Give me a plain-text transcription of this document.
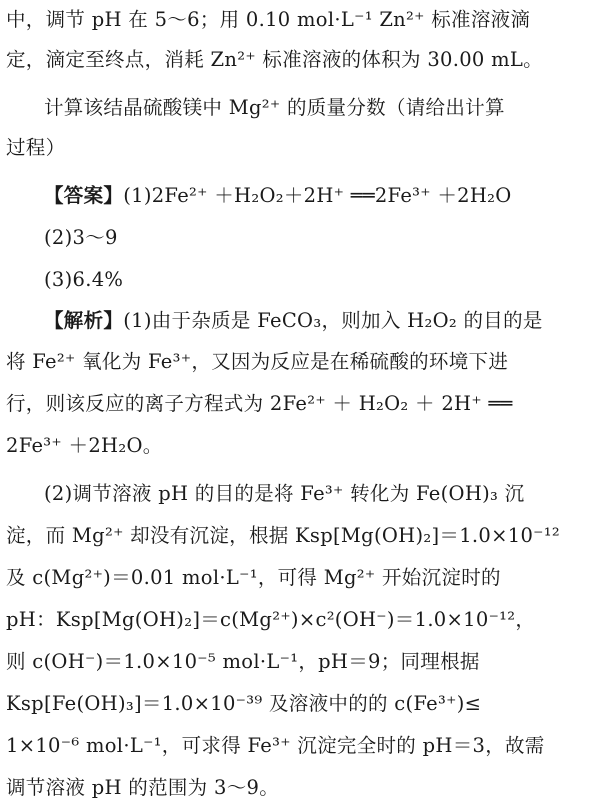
中，调节 pH 在 5～6；用 0.10 mol·L⁻¹ Zn²⁺ 标准溶液滴
定，滴定至终点，消耗 Zn²⁺ 标准溶液的体积为 30.00 mL。
计算该结晶硫酸镁中 Mg²⁺ 的质量分数（请给出计算
过程）
【答案】(1)2Fe²⁺ ＋H₂O₂＋2H⁺ ══2Fe³⁺ ＋2H₂O
(2)3～9
(3)6.4%
【解析】(1)由于杂质是 FeCO₃，则加入 H₂O₂ 的目的是
将 Fe²⁺ 氧化为 Fe³⁺，又因为反应是在稀硫酸的环境下进
行，则该反应的离子方程式为 2Fe²⁺ ＋ H₂O₂ ＋ 2H⁺ ══
2Fe³⁺ ＋2H₂O。
(2)调节溶液 pH 的目的是将 Fe³⁺ 转化为 Fe(OH)₃ 沉
淀，而 Mg²⁺ 却没有沉淀，根据 Ksp[Mg(OH)₂]＝1.0×10⁻¹²
及 c(Mg²⁺)＝0.01 mol·L⁻¹，可得 Mg²⁺ 开始沉淀时的
pH：Ksp[Mg(OH)₂]＝c(Mg²⁺)×c²(OH⁻)＝1.0×10⁻¹²，
则 c(OH⁻)＝1.0×10⁻⁵ mol·L⁻¹，pH＝9；同理根据
Ksp[Fe(OH)₃]＝1.0×10⁻³⁹ 及溶液中的的 c(Fe³⁺)≤
1×10⁻⁶ mol·L⁻¹，可求得 Fe³⁺ 沉淀完全时的 pH＝3，故需
调节溶液 pH 的范围为 3～9。
